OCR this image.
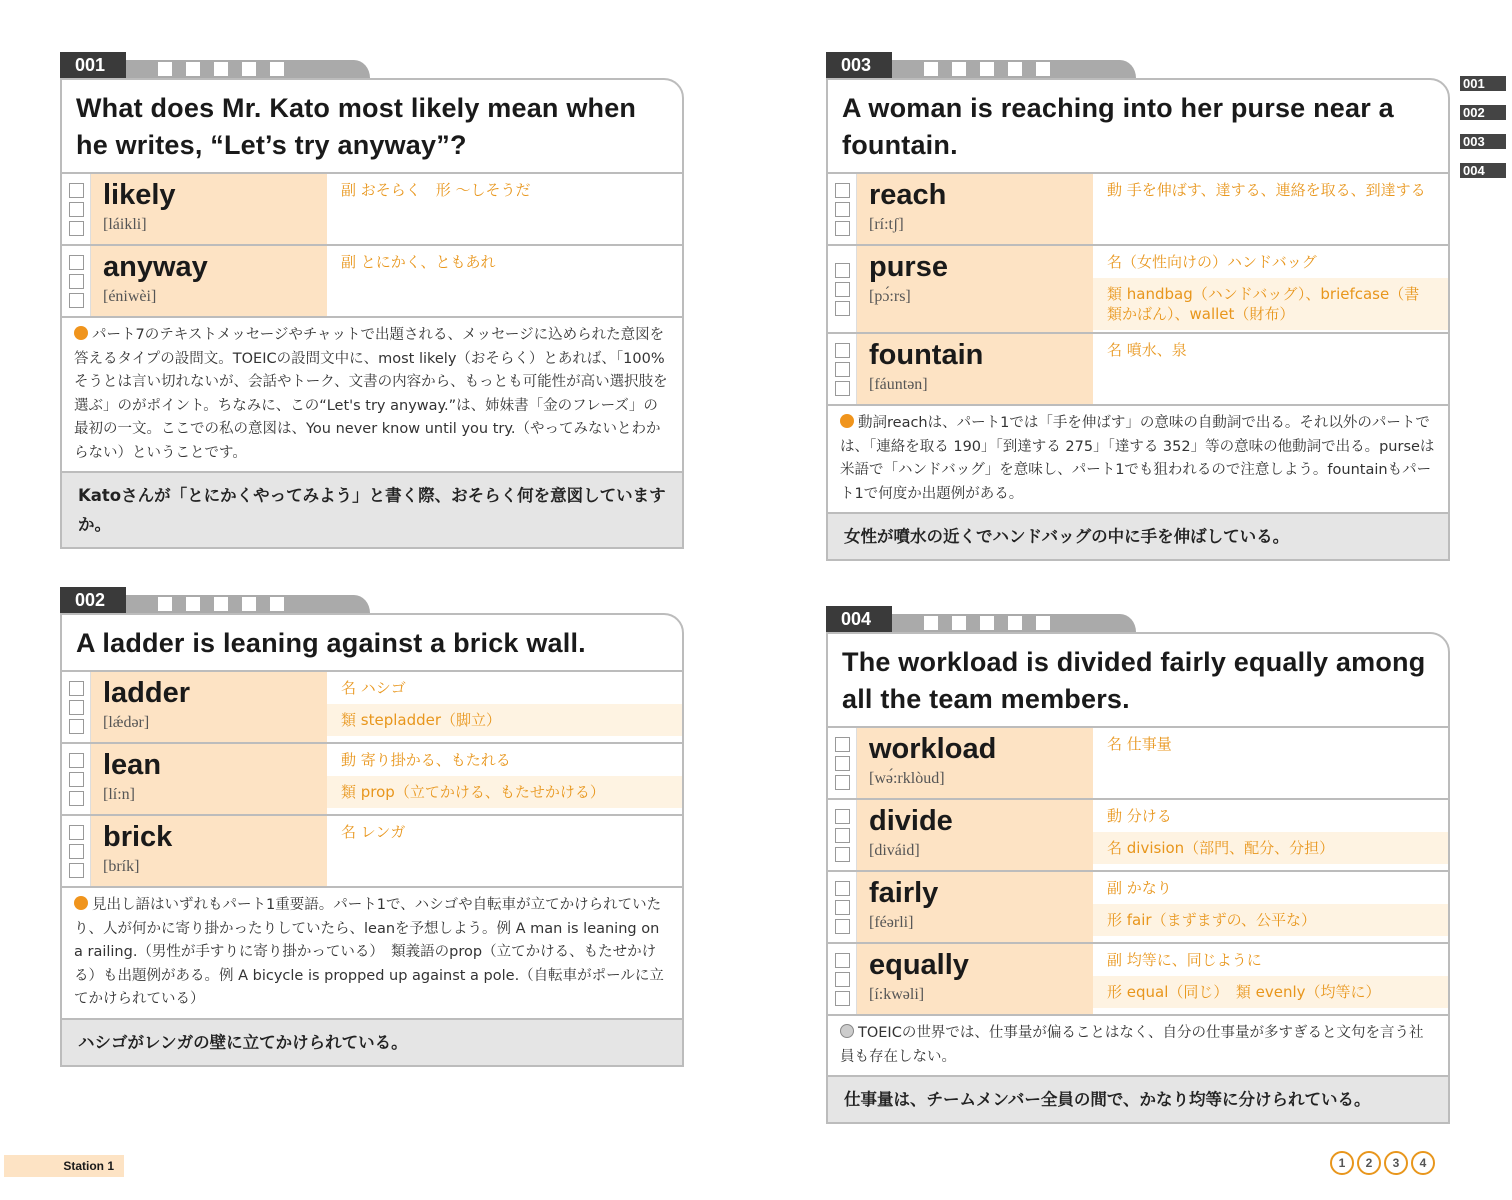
001
What does Mr. Kato most likely mean when he writes, “Let’s try anyway”?
likely
[láikli]
副 おそらく　形 ～しそうだ
anyway
[éniwèi]
副 とにかく、ともあれ
パート7のテキストメッセージやチャットで出題される、メッセージに込められた意図を答えるタイプの設問文。TOEICの設問文中に、most likely（おそらく）とあれば、「100%そうとは言い切れないが、会話やトーク、文書の内容から、もっとも可能性が高い選択肢を選ぶ」のがポイント。ちなみに、この“Let's try anyway.”は、姉妹書「金のフレーズ」の最初の一文。ここでの私の意図は、You never know until you try.（やってみないとわからない）ということです。
Katoさんが「とにかくやってみよう」と書く際、おそらく何を意図していますか。
002
A ladder is leaning against a brick wall.
ladder
[lǽdər]
名 ハシゴ
類 stepladder（脚立）
lean
[lí:n]
動 寄り掛かる、もたれる
類 prop（立てかける、もたせかける）
brick
[brík]
名 レンガ
見出し語はいずれもパート1重要語。パート1で、ハシゴや自転車が立てかけられていたり、人が何かに寄り掛かったりしていたら、leanを予想しよう。例 A man is leaning on a railing.（男性が手すりに寄り掛かっている）　類義語のprop（立てかける、もたせかける）も出題例がある。例 A bicycle is propped up against a pole.（自転車がポールに立てかけられている）
ハシゴがレンガの壁に立てかけられている。
003
A woman is reaching into her purse near a fountain.
reach
[rí:tʃ]
動 手を伸ばす、達する、連絡を取る、到達する
purse
[pɔ́:rs]
名（女性向けの）ハンドバッグ
類 handbag（ハンドバッグ）、briefcase（書類かばん）、wallet（財布）
fountain
[fáuntən]
名 噴水、泉
動詞reachは、パート1では「手を伸ばす」の意味の自動詞で出る。それ以外のパートでは、「連絡を取る 190」「到達する 275」「達する 352」等の意味の他動詞で出る。purseは米語で「ハンドバッグ」を意味し、パート1でも狙われるので注意しよう。fountainもパート1で何度か出題例がある。
女性が噴水の近くでハンドバッグの中に手を伸ばしている。
004
The workload is divided fairly equally among all the team members.
workload
[wə́:rklòud]
名 仕事量
divide
[diváid]
動 分ける
名 division（部門、配分、分担）
fairly
[féərli]
副 かなり
形 fair（まずまずの、公平な）
equally
[í:kwəli]
副 均等に、同じように
形 equal（同じ）　類 evenly（均等に）
TOEICの世界では、仕事量が偏ることはなく、自分の仕事量が多すぎると文句を言う社員も存在しない。
仕事量は、チームメンバー全員の間で、かなり均等に分けられている。
001
002
003
004
Station 1	1	2	3	4
